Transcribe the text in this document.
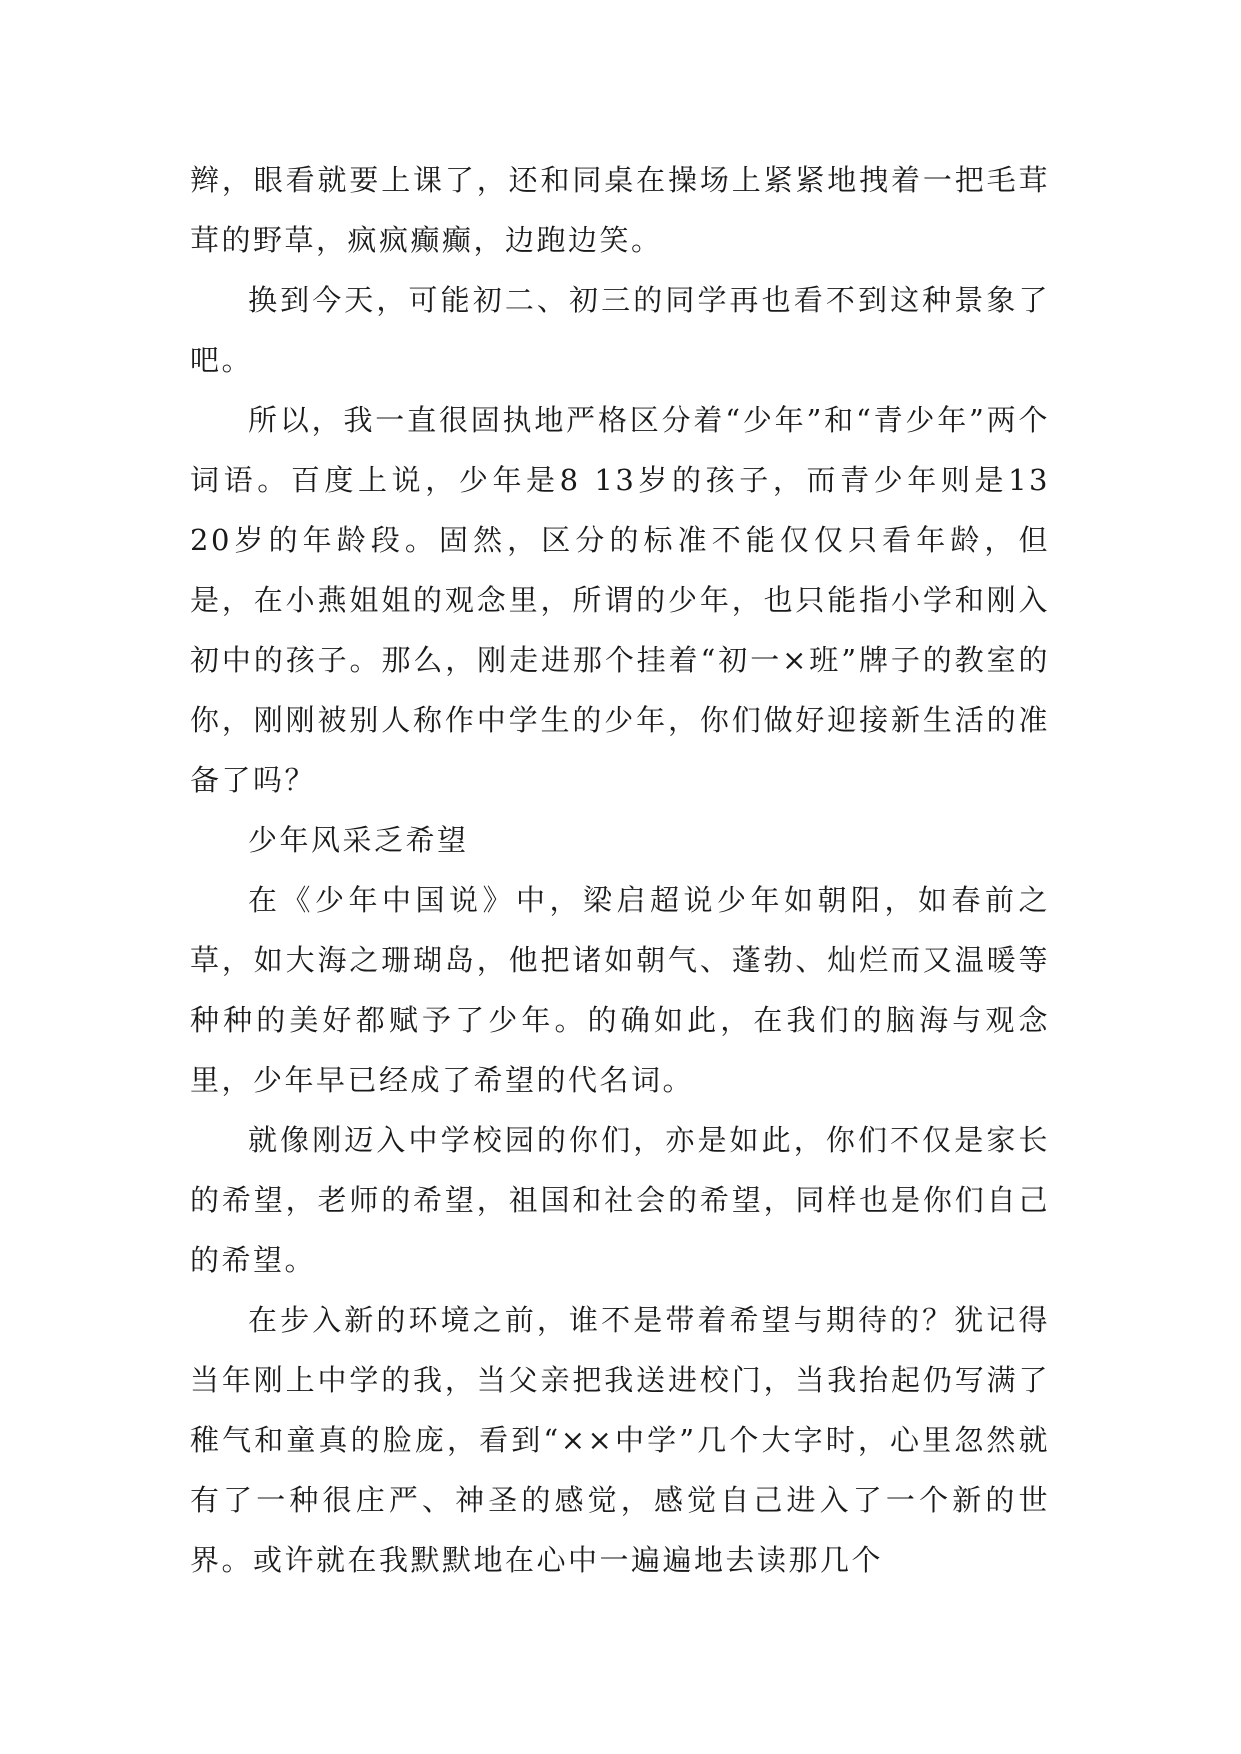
辫，眼看就要上课了，还和同桌在操场上紧紧地拽着一把毛茸茸的野草，疯疯癫癫，边跑边笑。

换到今天，可能初二、初三的同学再也看不到这种景象了吧。

所以，我一直很固执地严格区分着“少年”和“青少年”两个词语。百度上说，少年是8 13岁的孩子，而青少年则是13 20岁的年龄段。固然，区分的标准不能仅仅只看年龄，但是，在小燕姐姐的观念里，所谓的少年，也只能指小学和刚入初中的孩子。那么，刚走进那个挂着“初一×班”牌子的教室的你，刚刚被别人称作中学生的少年，你们做好迎接新生活的准备了吗？

少年风采乏希望

在《少年中国说》中，梁启超说少年如朝阳，如春前之草，如大海之珊瑚岛，他把诸如朝气、蓬勃、灿烂而又温暖等种种的美好都赋予了少年。的确如此，在我们的脑海与观念里，少年早已经成了希望的代名词。

就像刚迈入中学校园的你们，亦是如此，你们不仅是家长的希望，老师的希望，祖国和社会的希望，同样也是你们自己的希望。

在步入新的环境之前，谁不是带着希望与期待的？犹记得当年刚上中学的我，当父亲把我送进校门，当我抬起仍写满了稚气和童真的脸庞，看到“××中学”几个大字时，心里忽然就有了一种很庄严、神圣的感觉，感觉自己进入了一个新的世界。或许就在我默默地在心中一遍遍地去读那几个
